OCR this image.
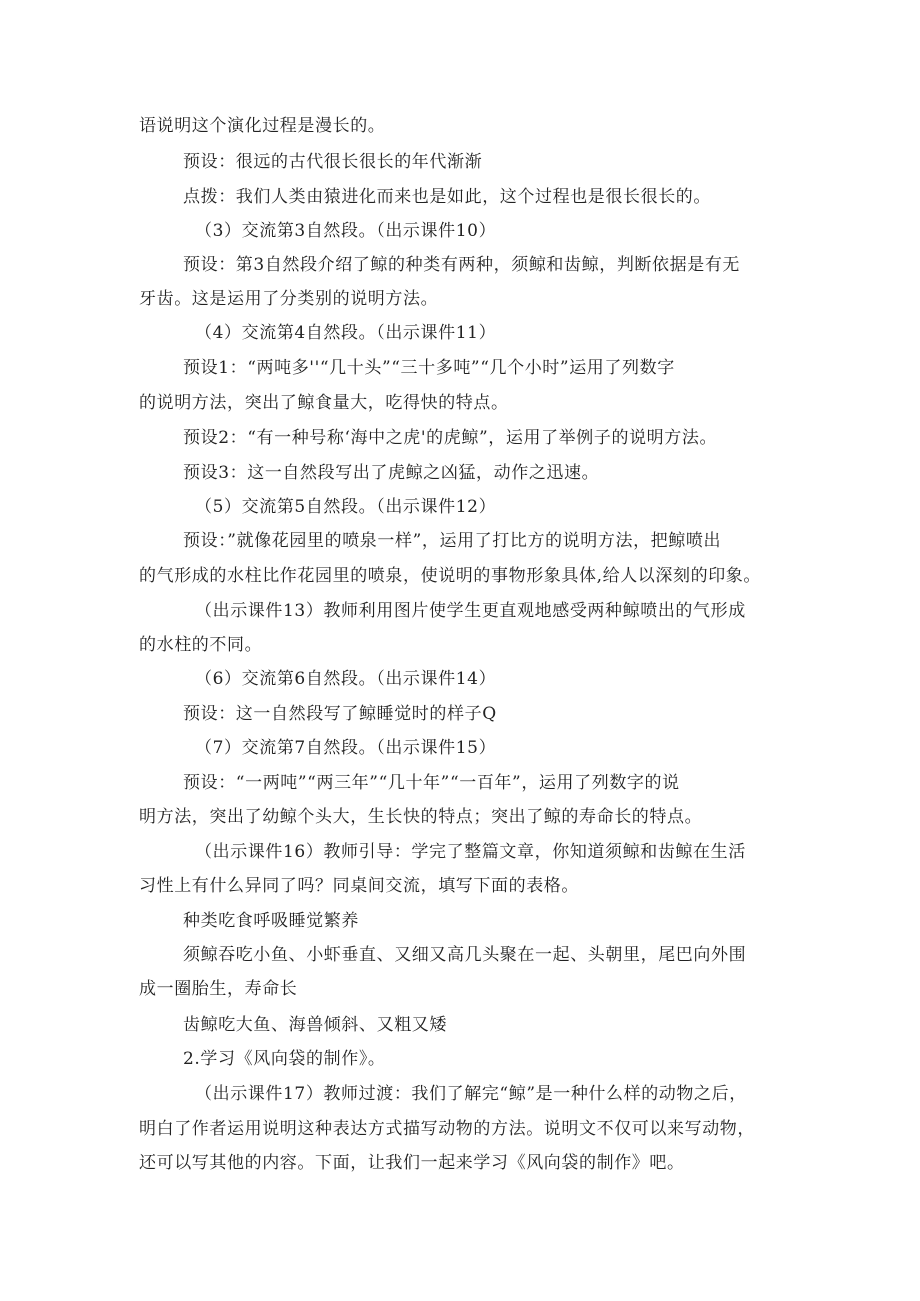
语说明这个演化过程是漫长的。
预设：很远的古代很长很长的年代渐渐
点拨：我们人类由猿进化而来也是如此，这个过程也是很长很长的。
（3）交流第3自然段。（出示课件10）
预设：第3自然段介绍了鲸的种类有两种，须鲸和齿鲸，判断依据是有无
牙齿。这是运用了分类别的说明方法。
（4）交流第4自然段。（出示课件11）
预设1：“两吨多''“几十头”“三十多吨”“几个小时”运用了列数字
的说明方法，突出了鲸食量大，吃得快的特点。
预设2：“有一种号称‘海中之虎'的虎鲸”，运用了举例子的说明方法。
预设3：这一自然段写出了虎鲸之凶猛，动作之迅速。
（5）交流第5自然段。（出示课件12）
预设：”就像花园里的喷泉一样”，运用了打比方的说明方法，把鲸喷出
的气形成的水柱比作花园里的喷泉，使说明的事物形象具体,给人以深刻的印象。
（出示课件13）教师利用图片使学生更直观地感受两种鲸喷出的气形成
的水柱的不同。
（6）交流第6自然段。（出示课件14）
预设：这一自然段写了鲸睡觉时的样子Q
（7）交流第7自然段。（出示课件15）
预设：“一两吨”“两三年”“几十年”“一百年”，运用了列数字的说
明方法，突出了幼鲸个头大，生长快的特点；突出了鲸的寿命长的特点。
（出示课件16）教师引导：学完了整篇文章，你知道须鲸和齿鲸在生活
习性上有什么异同了吗？同桌间交流，填写下面的表格。
种类吃食呼吸睡觉繁养
须鲸吞吃小鱼、小虾垂直、又细又高几头聚在一起、头朝里，尾巴向外围
成一圈胎生，寿命长
齿鲸吃大鱼、海兽倾斜、又粗又矮
2.学习《风向袋的制作》。
（出示课件17）教师过渡：我们了解完“鲸”是一种什么样的动物之后，
明白了作者运用说明这种表达方式描写动物的方法。说明文不仅可以来写动物，
还可以写其他的内容。下面，让我们一起来学习《风向袋的制作》吧。
